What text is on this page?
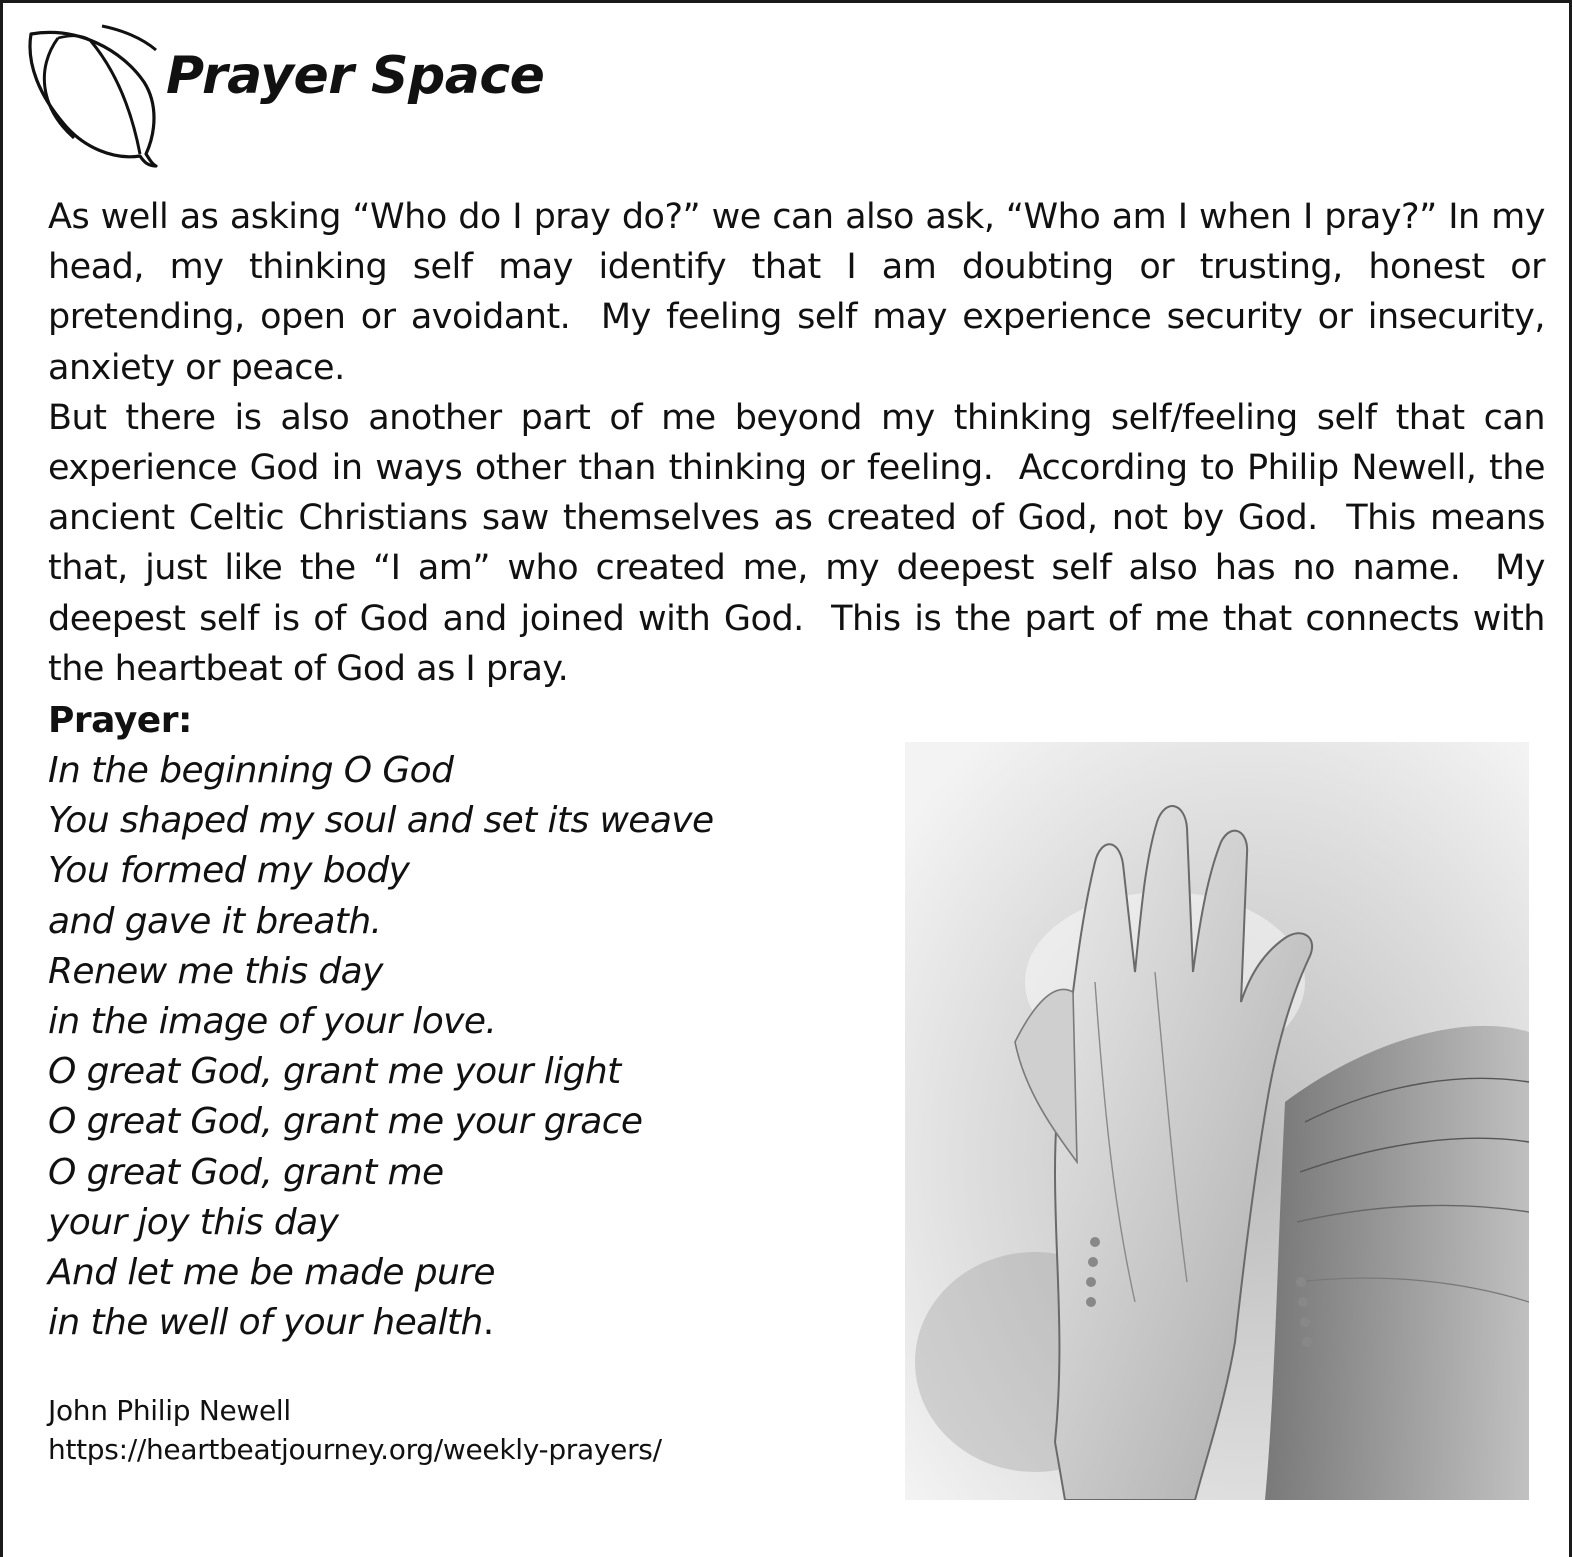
Prayer Space

As well as asking “Who do I pray do?” we can also ask, “Who am I when I pray?” In my head, my thinking self may identify that I am doubting or trusting, honest or pretending, open or avoidant.  My feeling self may experience security or insecurity, anxiety or peace.

But there is also another part of me beyond my thinking self/feeling self that can experience God in ways other than thinking or feeling.  According to Philip Newell, the ancient Celtic Christians saw themselves as created of God, not by God.  This means that, just like the “I am” who created me, my deepest self also has no name.  My deepest self is of God and joined with God.  This is the part of me that connects with the heartbeat of God as I pray.

Prayer:
In the beginning O God
You shaped my soul and set its weave
You formed my body
and gave it breath.
Renew me this day
in the image of your love.
O great God, grant me your light
O great God, grant me your grace
O great God, grant me
your joy this day
And let me be made pure
in the well of your health.
John Philip Newell
https://heartbeatjourney.org/weekly-prayers/
